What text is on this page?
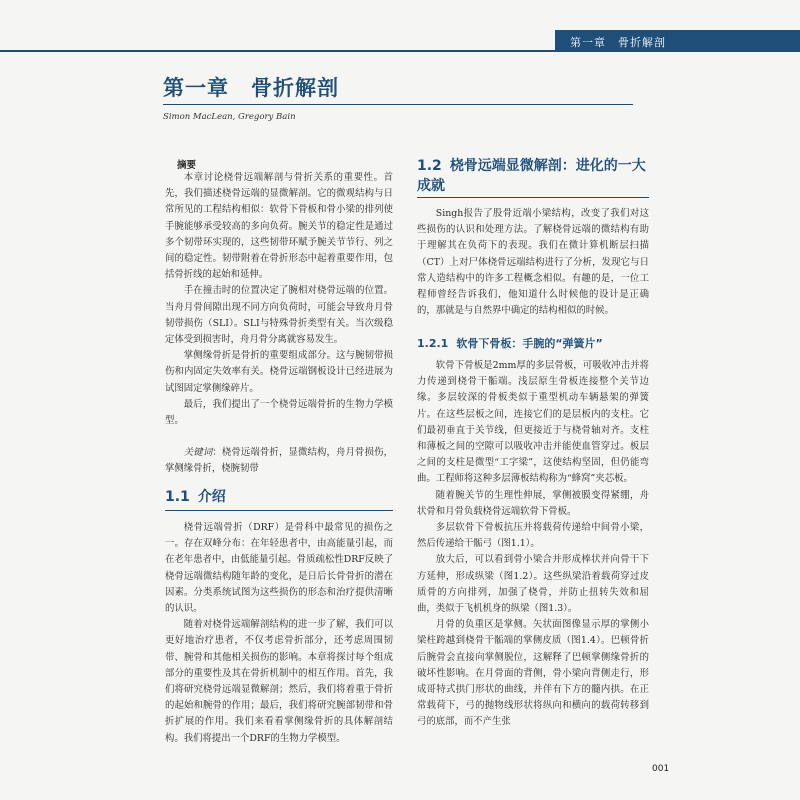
第一章　骨折解剖
第一章　骨折解剖
Simon MacLean, Gregory Bain
摘要

本章讨论桡骨远端解剖与骨折关系的重要性。首先，我们描述桡骨远端的显微解剖。它的微观结构与日常所见的工程结构相似：软骨下骨板和骨小梁的排列使手腕能够承受较高的多向负荷。腕关节的稳定性是通过多个韧带环实现的，这些韧带环赋予腕关节节行、列之间的稳定性。韧带附着在骨折形态中起着重要作用，包括骨折线的起始和延伸。

手在撞击时的位置决定了腕相对桡骨远端的位置。当舟月骨间隙出现不同方向负荷时，可能会导致舟月骨韧带损伤（SLI）。SLI与特殊骨折类型有关。当次级稳定体受到损害时，舟月骨分离就容易发生。

掌侧缘骨折是骨折的重要组成部分。这与腕韧带损伤和内固定失效率有关。桡骨远端钢板设计已经进展为试图固定掌侧缘碎片。

最后，我们提出了一个桡骨远端骨折的生物力学模型。

关键词：桡骨远端骨折，显微结构，舟月骨损伤，掌侧缘骨折，桡腕韧带

1.1 介绍

桡骨远端骨折（DRF）是骨科中最常见的损伤之一。存在双峰分布：在年轻患者中，由高能量引起，而在老年患者中，由低能量引起。骨质疏松性DRF反映了桡骨远端微结构随年龄的变化，是日后长骨骨折的潜在因素。分类系统试图为这些损伤的形态和治疗提供清晰的认识。

随着对桡骨远端解剖结构的进一步了解，我们可以更好地治疗患者，不仅考虑骨折部分，还考虑周围韧带、腕骨和其他相关损伤的影响。本章将探讨每个组成部分的重要性及其在骨折机制中的相互作用。首先，我们将研究桡骨远端显微解剖；然后，我们将着重于骨折的起始和腕骨的作用；最后，我们将研究腕部韧带和骨折扩展的作用。我们来看看掌侧缘骨折的具体解剖结构。我们将提出一个DRF的生物力学模型。

1.2 桡骨远端显微解剖：进化的一大成就

Singh报告了股骨近端小梁结构，改变了我们对这些损伤的认识和处理方法。了解桡骨远端的微结构有助于理解其在负荷下的表现。我们在微计算机断层扫描（CT）上对尸体桡骨远端结构进行了分析，发现它与日常人造结构中的许多工程概念相似。有趣的是，一位工程师曾经告诉我们，他知道什么时候他的设计是正确的，那就是与自然界中确定的结构相似的时候。

1.2.1 软骨下骨板：手腕的“弹簧片”

软骨下骨板是2mm厚的多层骨板，可吸收冲击并将力传递到桡骨干骺端。浅层原生骨板连接整个关节边缘。多层较深的骨板类似于重型机动车辆悬架的弹簧片。在这些层板之间，连接它们的是层板内的支柱。它们最初垂直于关节线，但更接近于与桡骨轴对齐。支柱和薄板之间的空隙可以吸收冲击并能使血管穿过。板层之间的支柱是微型“工字梁”，这使结构坚固，但仍能弯曲。工程师将这种多层薄板结构称为“蜂窝”夹芯板。

随着腕关节的生理性伸展，掌侧被膜变得紧绷，舟状骨和月骨负载桡骨远端软骨下骨板。

多层软骨下骨板抗压并将载荷传递给中间骨小梁，然后传递给干骺弓（图1.1）。

放大后，可以看到骨小梁合并形成棒状并向骨干下方延伸，形成纵梁（图1.2）。这些纵梁沿着载荷穿过皮质骨的方向排列，加强了桡骨，并防止扭转失效和屈曲，类似于飞机机身的纵梁（图1.3）。

月骨的负重区是掌侧。矢状面图像显示厚的掌侧小梁柱跨越到桡骨干骺端的掌侧皮质（图1.4）。巴顿骨折后腕骨会直接向掌侧脱位，这解释了巴顿掌侧缘骨折的破坏性影响。在月骨面的背侧，骨小梁向背侧走行，形成哥特式拱门形状的曲线，并伴有下方的髓内拱。在正常载荷下，弓的抛物线形状将纵向和横向的载荷转移到弓的底部，而不产生张

001
